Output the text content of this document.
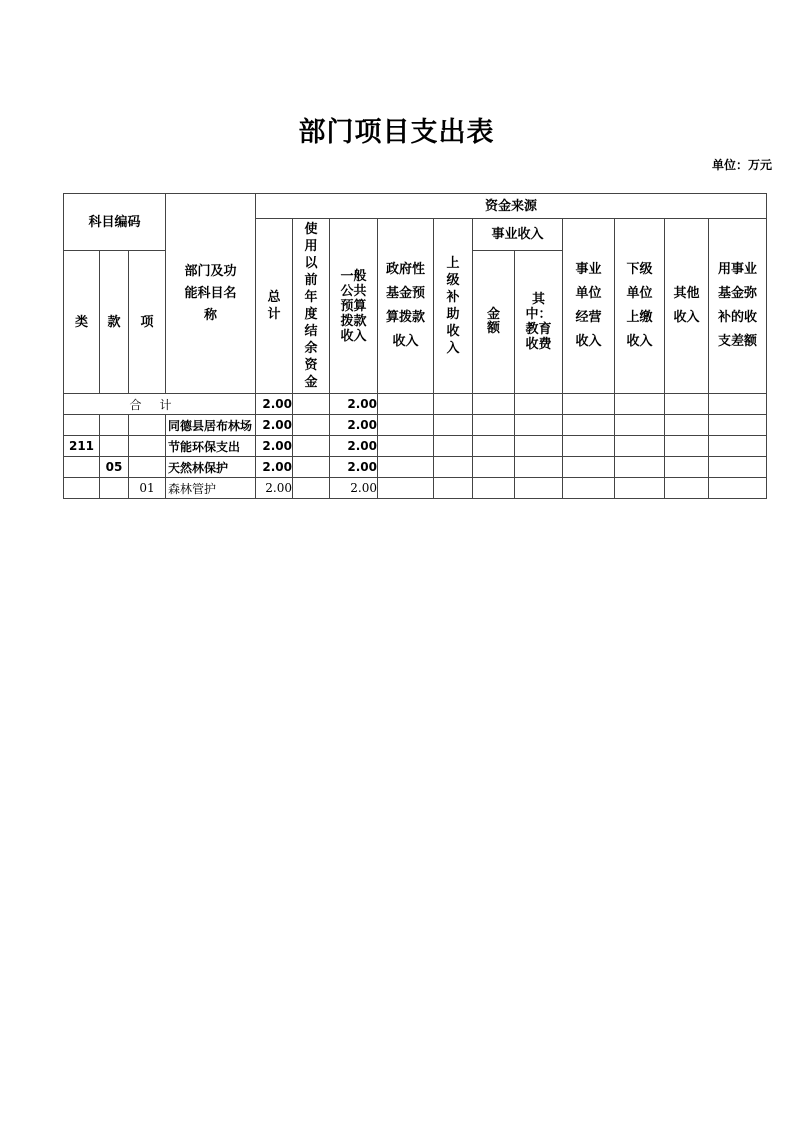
部门项目支出表
单位：万元
科目编码			部门及功能科目名称	资金来源										
				总计	使用以前年度结余资金	一般公共预算拨款收入	政府性基金预算拨款收入	上级补助收入	事业收入		事业单位经营收入	下级单位上缴收入	其他收入	用事业基金弥补的收支差额

类	款	项							金额	其中：教育收费				

合计				2.00		2.00								
			同德县居布林场	2.00		2.00								
211			节能环保支出	2.00		2.00								
	05		天然林保护	2.00		2.00								
		01	森林管护	2.00		2.00								
